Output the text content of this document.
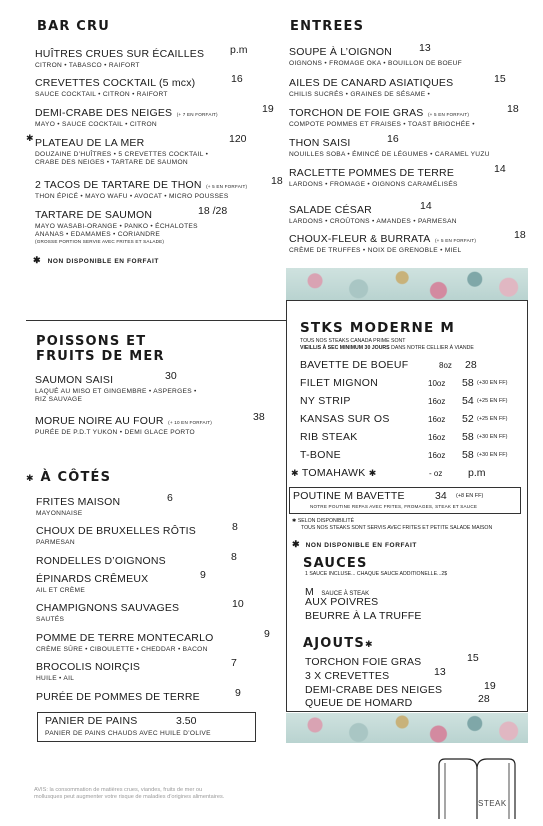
BAR CRU
HUÎTRES CRUES SUR ÉCAILLES p.m
CITRON • TABASCO • RAIFORT
CREVETTES COCKTAIL (5 mcx)	16
SAUCE COCKTAIL • CITRON • RAIFORT
DEMI-CRABE DES NEIGES (+ 7 EN FORFAIT)	19
MAYO • SAUCE COCKTAIL • CITRON
✱ PLATEAU DE LA MER	120
DOUZAINE D’HUÎTRES • 5 CREVETTES COCKTAIL •
CRABE DES NEIGES • TARTARE DE SAUMON
2 TACOS DE TARTARE DE THON (+ 5 EN FORFAIT) 18
THON ÉPICÉ • MAYO WAFU • AVOCAT • MICRO POUSSES
TARTARE DE SAUMON	18 /28
MAYO WASABI-ORANGE • PANKO • ÉCHALOTES
ANANAS • EDAMAMES • CORIANDRE
(GROSSE PORTION SERVIE AVEC FRITES ET SALADE)
✱ NON DISPONIBLE EN FORFAIT
POISSONS ET
FRUITS DE MER
SAUMON SAISI	30
LAQUÉ AU MISO ET GINGEMBRE • ASPERGES •
RIZ SAUVAGE
MORUE NOIRE AU FOUR (+ 10 EN FORFAIT)	38
PURÉE DE P.D.T YUKON • DEMI GLACE PORTO
✱ À CÔTÉS
FRITES MAISON	6
MAYONNAISE
CHOUX DE BRUXELLES RÔTIS	8
PARMESAN
RONDELLES D’OIGNONS	8
ÉPINARDS CRÊMEUX	9
AIL ET CRÈME
CHAMPIGNONS SAUVAGES	10
SAUTÉS
POMME DE TERRE MONTECARLO	9
CRÈME SÛRE • CIBOULETTE • CHEDDAR • BACON
BROCOLIS NOIRÇIS	7
HUILE • AIL
PURÉE DE POMMES DE TERRE	9
PANIER DE PAINS	3.50
PANIER DE PAINS CHAUDS AVEC HUILE D’OLIVE
AVIS: la consommation de matières crues, viandes, fruits de mer ou
mollusques peut augmenter votre risque de maladies d’origines alimentaires.
ENTREES
SOUPE À L’OIGNON	13
OIGNONS • FROMAGE OKA • BOUILLON DE BOEUF
AILES DE CANARD ASIATIQUES	15
CHILIS SUCRÉS • GRAINES DE SÉSAME •
TORCHON DE FOIE GRAS (+ 5 EN FORFAIT)	18
COMPOTE POMMES ET FRAISES • TOAST BRIOCHÉE •
THON SAISI	16
NOUILLES SOBA • ÉMINCÉ DE LÉGUMES • CARAMEL YUZU
RACLETTE POMMES DE TERRE	14
LARDONS • FROMAGE • OIGNONS CARAMÉLISÉS
SALADE CÉSAR	14
LARDONS • CROÛTONS • AMANDES • PARMESAN
CHOUX-FLEUR & BURRATA (+ 5 EN FORFAIT)	18
CRÈME DE TRUFFES • NOIX DE GRENOBLE • MIEL
STKS MODERNE M
TOUS NOS STEAKS CANADA PRIME SONT
VIEILLIS À SEC MINIMUM 30 JOURS DANS NOTRE CELLIER À VIANDE
BAVETTE DE BOEUF	8oz 28
FILET MIGNON	10oz 58 (+30 EN FF)
NY STRIP	16oz 54 (+25 EN FF)
KANSAS SUR OS	16oz 52 (+25 EN FF)
RIB STEAK	16oz 58 (+30 EN FF)
T-BONE	16oz 58 (+30 EN FF)
✱ TOMAHAWK ✱	- oz p.m
POUTINE M BAVETTE	34 (+8 EN FF)
NOTRE POUTINE REPAS AVEC FRITES, FROMAGES, STEAK ET SAUCE
✱ SELON DISPONIBILITÉ
TOUS NOS STEAKS SONT SERVIS AVEC FRITES ET PETITE SALADE MAISON
✱ NON DISPONIBLE EN FORFAIT
SAUCES
1 SAUCE INCLUSE... CHAQUE SAUCE ADDITIONELLE...2$
M SAUCE À STEAK
AUX POIVRES
BEURRE À LA TRUFFE
AJOUTS✱
TORCHON FOIE GRAS	15
3 X CREVETTES	13
DEMI-CRABE DES NEIGES	19
QUEUE DE HOMARD	28
STEAK
